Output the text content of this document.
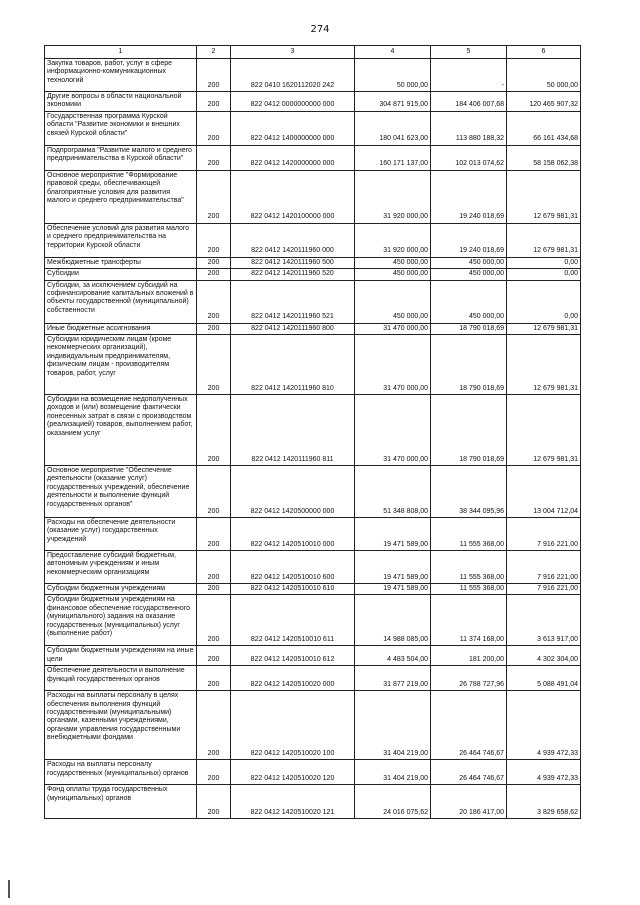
274
1	2	3	4	5	6
Закупка товаров, работ, услуг в сфере информационно-коммуникационных технологий	200	822 0410 1620112020 242	50 000,00	-	50 000,00
Другие вопросы в области национальной экономики	200	822 0412 0000000000 000	304 871 915,00	184 406 007,68	120 465 907,32
Государственная программа Курской области "Развитие экономики и внешних связей Курской области"	200	822 0412 1400000000 000	180 041 623,00	113 880 188,32	66 161 434,68
Подпрограмма "Развитие малого и среднего предпринимательства в Курской области"	200	822 0412 1420000000 000	160 171 137,00	102 013 074,62	58 158 062,38
Основное мероприятие "Формирование правовой среды, обеспечивающей благоприятные условия для развития малого и среднего предпринимательства"	200	822 0412 1420100000 000	31 920 000,00	19 240 018,69	12 679 981,31
Обеспечение условий для развития малого и среднего предпринимательства на территории Курской области	200	822 0412 1420111960 000	31 920 000,00	19 240 018,69	12 679 981,31
Межбюджетные трансферты	200	822 0412 1420111960 500	450 000,00	450 000,00	0,00
Субсидии	200	822 0412 1420111960 520	450 000,00	450 000,00	0,00
Субсидии, за исключением субсидий на софинансирование капитальных вложений в объекты государственной (муниципальной) собственности	200	822 0412 1420111960 521	450 000,00	450 000,00	0,00
Иные бюджетные ассигнования	200	822 0412 1420111960 800	31 470 000,00	18 790 018,69	12 679 981,31
Субсидии юридическим лицам (кроме некоммерческих организаций), индивидуальным предпринимателям, физическим лицам - производителям товаров, работ, услуг	200	822 0412 1420111960 810	31 470 000,00	18 790 018,69	12 679 981,31
Субсидии на возмещение недополученных доходов и (или) возмещение фактически понесенных затрат в связи с производством (реализацией) товаров, выполнением работ, оказанием услуг	200	822 0412 1420111960 811	31 470 000,00	18 790 018,69	12 679 981,31
Основное мероприятие "Обеспечение деятельности (оказание услуг) государственных учреждений, обеспечение деятельности и выполнение функций государственных органов"	200	822 0412 1420500000 000	51 348 808,00	38 344 095,96	13 004 712,04
Расходы на обеспечение деятельности (оказание услуг) государственных учреждений	200	822 0412 1420510010 000	19 471 589,00	11 555 368,00	7 916 221,00
Предоставление субсидий бюджетным, автономным учреждениям и иным некоммерческим организациям	200	822 0412 1420510010 600	19 471 589,00	11 555 368,00	7 916 221,00
Субсидии бюджетным учреждениям	200	822 0412 1420510010 610	19 471 589,00	11 555 368,00	7 916 221,00
Субсидии бюджетным учреждениям на финансовое обеспечение государственного (муниципального) задания на оказание государственных (муниципальных) услуг (выполнение работ)	200	822 0412 1420510010 611	14 988 085,00	11 374 168,00	3 613 917,00
Субсидии бюджетным учреждениям на иные цели	200	822 0412 1420510010 612	4 483 504,00	181 200,00	4 302 304,00
Обеспечение деятельности и выполнение функций государственных органов	200	822 0412 1420510020 000	31 877 219,00	26 788 727,96	5 088 491,04
Расходы на выплаты персоналу в целях обеспечения выполнения функций государственными (муниципальными) органами, казенными учреждениями, органами управления государственными внебюджетными фондами	200	822 0412 1420510020 100	31 404 219,00	26 464 746,67	4 939 472,33
Расходы на выплаты персоналу государственных (муниципальных) органов	200	822 0412 1420510020 120	31 404 219,00	26 464 746,67	4 939 472,33
Фонд оплаты труда государственных (муниципальных) органов	200	822 0412 1420510020 121	24 016 075,62	20 186 417,00	3 829 658,62
